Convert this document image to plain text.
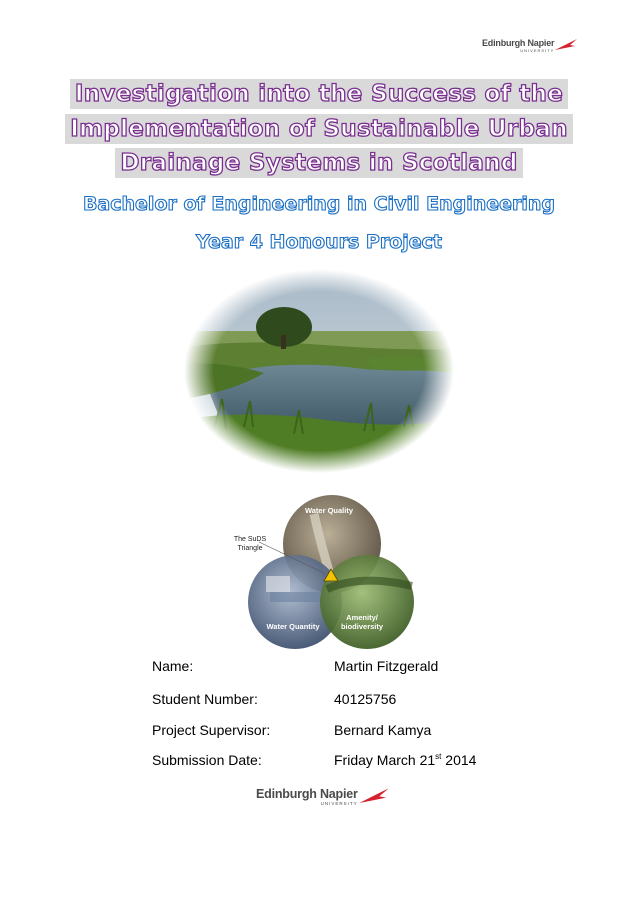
Edinburgh Napier
UNIVERSITY
Investigation into the Success of the
Implementation of Sustainable Urban
Drainage Systems in Scotland
Bachelor of Engineering in Civil Engineering
Year 4 Honours Project
The SuDS
Triangle
Water Quality
Water Quantity
Amenity/
biodiversity
Name:	Martin Fitzgerald
Student Number:	40125756
Project Supervisor:	Bernard Kamya
Submission Date:	Friday March 21st 2014
Edinburgh Napier
UNIVERSITY
